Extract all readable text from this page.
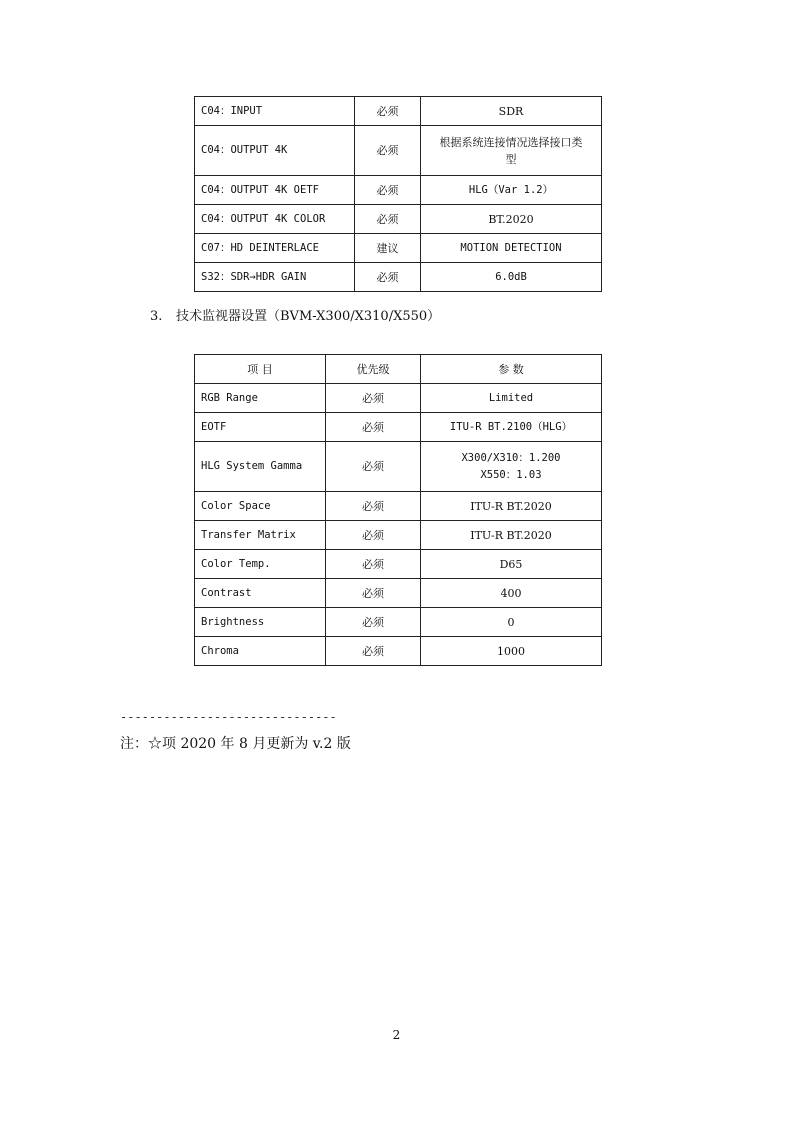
C04：INPUT	必须	SDR
C04：OUTPUT 4K	必须	根据系统连接情况选择接口类
型

C04：OUTPUT 4K OETF	必须	HLG（Var 1.2）
C04：OUTPUT 4K COLOR	必须	BT.2020
C07：HD DEINTERLACE	建议	MOTION DETECTION
S32：SDR→HDR GAIN	必须	6.0dB
3. 技术监视器设置（BVM-X300/X310/X550）
项 目	优先级	参 数
RGB Range	必须	Limited
EOTF	必须	ITU-R BT.2100（HLG）
HLG System Gamma	必须	X300/X310：1.200
X550：1.03

Color Space	必须	ITU-R BT.2020
Transfer Matrix	必须	ITU-R BT.2020
Color Temp.	必须	D65
Contrast	必须	400
Brightness	必须	0
Chroma	必须	1000
------------------------------
注：☆项 2020 年 8 月更新为 v.2 版
2
